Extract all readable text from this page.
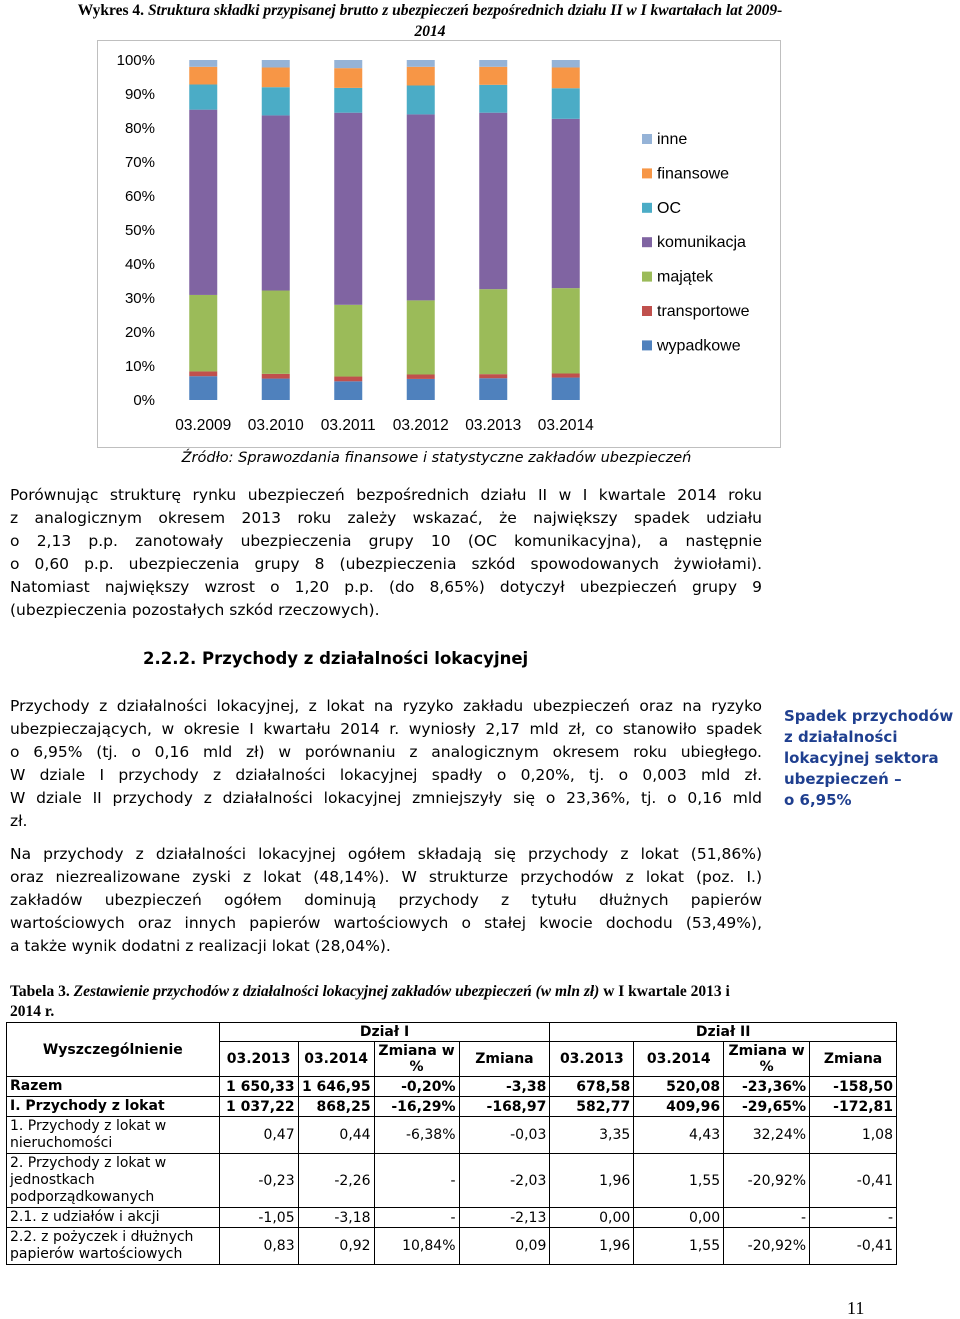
Wykres 4. Struktura składki przypisanej brutto z ubezpieczeń bezpośrednich działu II w I kwartałach lat 2009-
2014
0%
10%
20%
30%
40%
50%
60%
70%
80%
90%
100%
03.2009 03.2010 03.2011 03.2012 03.2013 03.2014
inne
finansowe
OC
komunikacja
majątek
transportowe
wypadkowe
Źródło: Sprawozdania finansowe i statystyczne zakładów ubezpieczeń
Porównując strukturę rynku ubezpieczeń bezpośrednich działu II w I kwartale 2014 roku
z analogicznym okresem 2013 roku zależy wskazać, że największy spadek udziału
o 2,13 p.p. zanotowały ubezpieczenia grupy 10 (OC komunikacyjna), a następnie
o 0,60 p.p. ubezpieczenia grupy 8 (ubezpieczenia szkód spowodowanych żywiołami).
Natomiast największy wzrost o 1,20 p.p. (do 8,65%) dotyczył ubezpieczeń grupy 9
(ubezpieczenia pozostałych szkód rzeczowych).
2.2.2. Przychody z działalności lokacyjnej
Przychody z działalności lokacyjnej, z lokat na ryzyko zakładu ubezpieczeń oraz na ryzyko
ubezpieczających, w okresie I kwartału 2014 r. wyniosły 2,17 mld zł, co stanowiło spadek
o 6,95% (tj. o 0,16 mld zł) w porównaniu z analogicznym okresem roku ubiegłego.
W dziale I przychody z działalności lokacyjnej spadły o 0,20%, tj. o 0,003 mld zł.
W dziale II przychody z działalności lokacyjnej zmniejszyły się o 23,36%, tj. o 0,16 mld
zł.
Spadek przychodów
z działalności
lokacyjnej sektora
ubezpieczeń –
o 6,95%
Na przychody z działalności lokacyjnej ogółem składają się przychody z lokat (51,86%)
oraz niezrealizowane zyski z lokat (48,14%). W strukturze przychodów z lokat (poz. I.)
zakładów ubezpieczeń ogółem dominują przychody z tytułu dłużnych papierów
wartościowych oraz innych papierów wartościowych o stałej kwocie dochodu (53,49%),
a także wynik dodatni z realizacji lokat (28,04%).
Tabela 3. Zestawienie przychodów z działalności lokacyjnej zakładów ubezpieczeń (w mln zł) w I kwartale 2013 i
2014 r.
Wyszczególnienie	Dział I				Dział II			
	03.2013	03.2014	Zmiana w %	Zmiana	03.2013	03.2014	Zmiana w %	Zmiana
Razem	1 650,33	1 646,95	-0,20%	-3,38	678,58	520,08	-23,36%	-158,50
I. Przychody z lokat	1 037,22	868,25	-16,29%	-168,97	582,77	409,96	-29,65%	-172,81
1. Przychody z lokat w nieruchomości	0,47	0,44	-6,38%	-0,03	3,35	4,43	32,24%	1,08
2. Przychody z lokat w jednostkach podporządkowanych	-0,23	-2,26	-	-2,03	1,96	1,55	-20,92%	-0,41
2.1. z udziałów i akcji	-1,05	-3,18	-	-2,13	0,00	0,00	-	-
2.2. z pożyczek i dłużnych papierów wartościowych	0,83	0,92	10,84%	0,09	1,96	1,55	-20,92%	-0,41
11
